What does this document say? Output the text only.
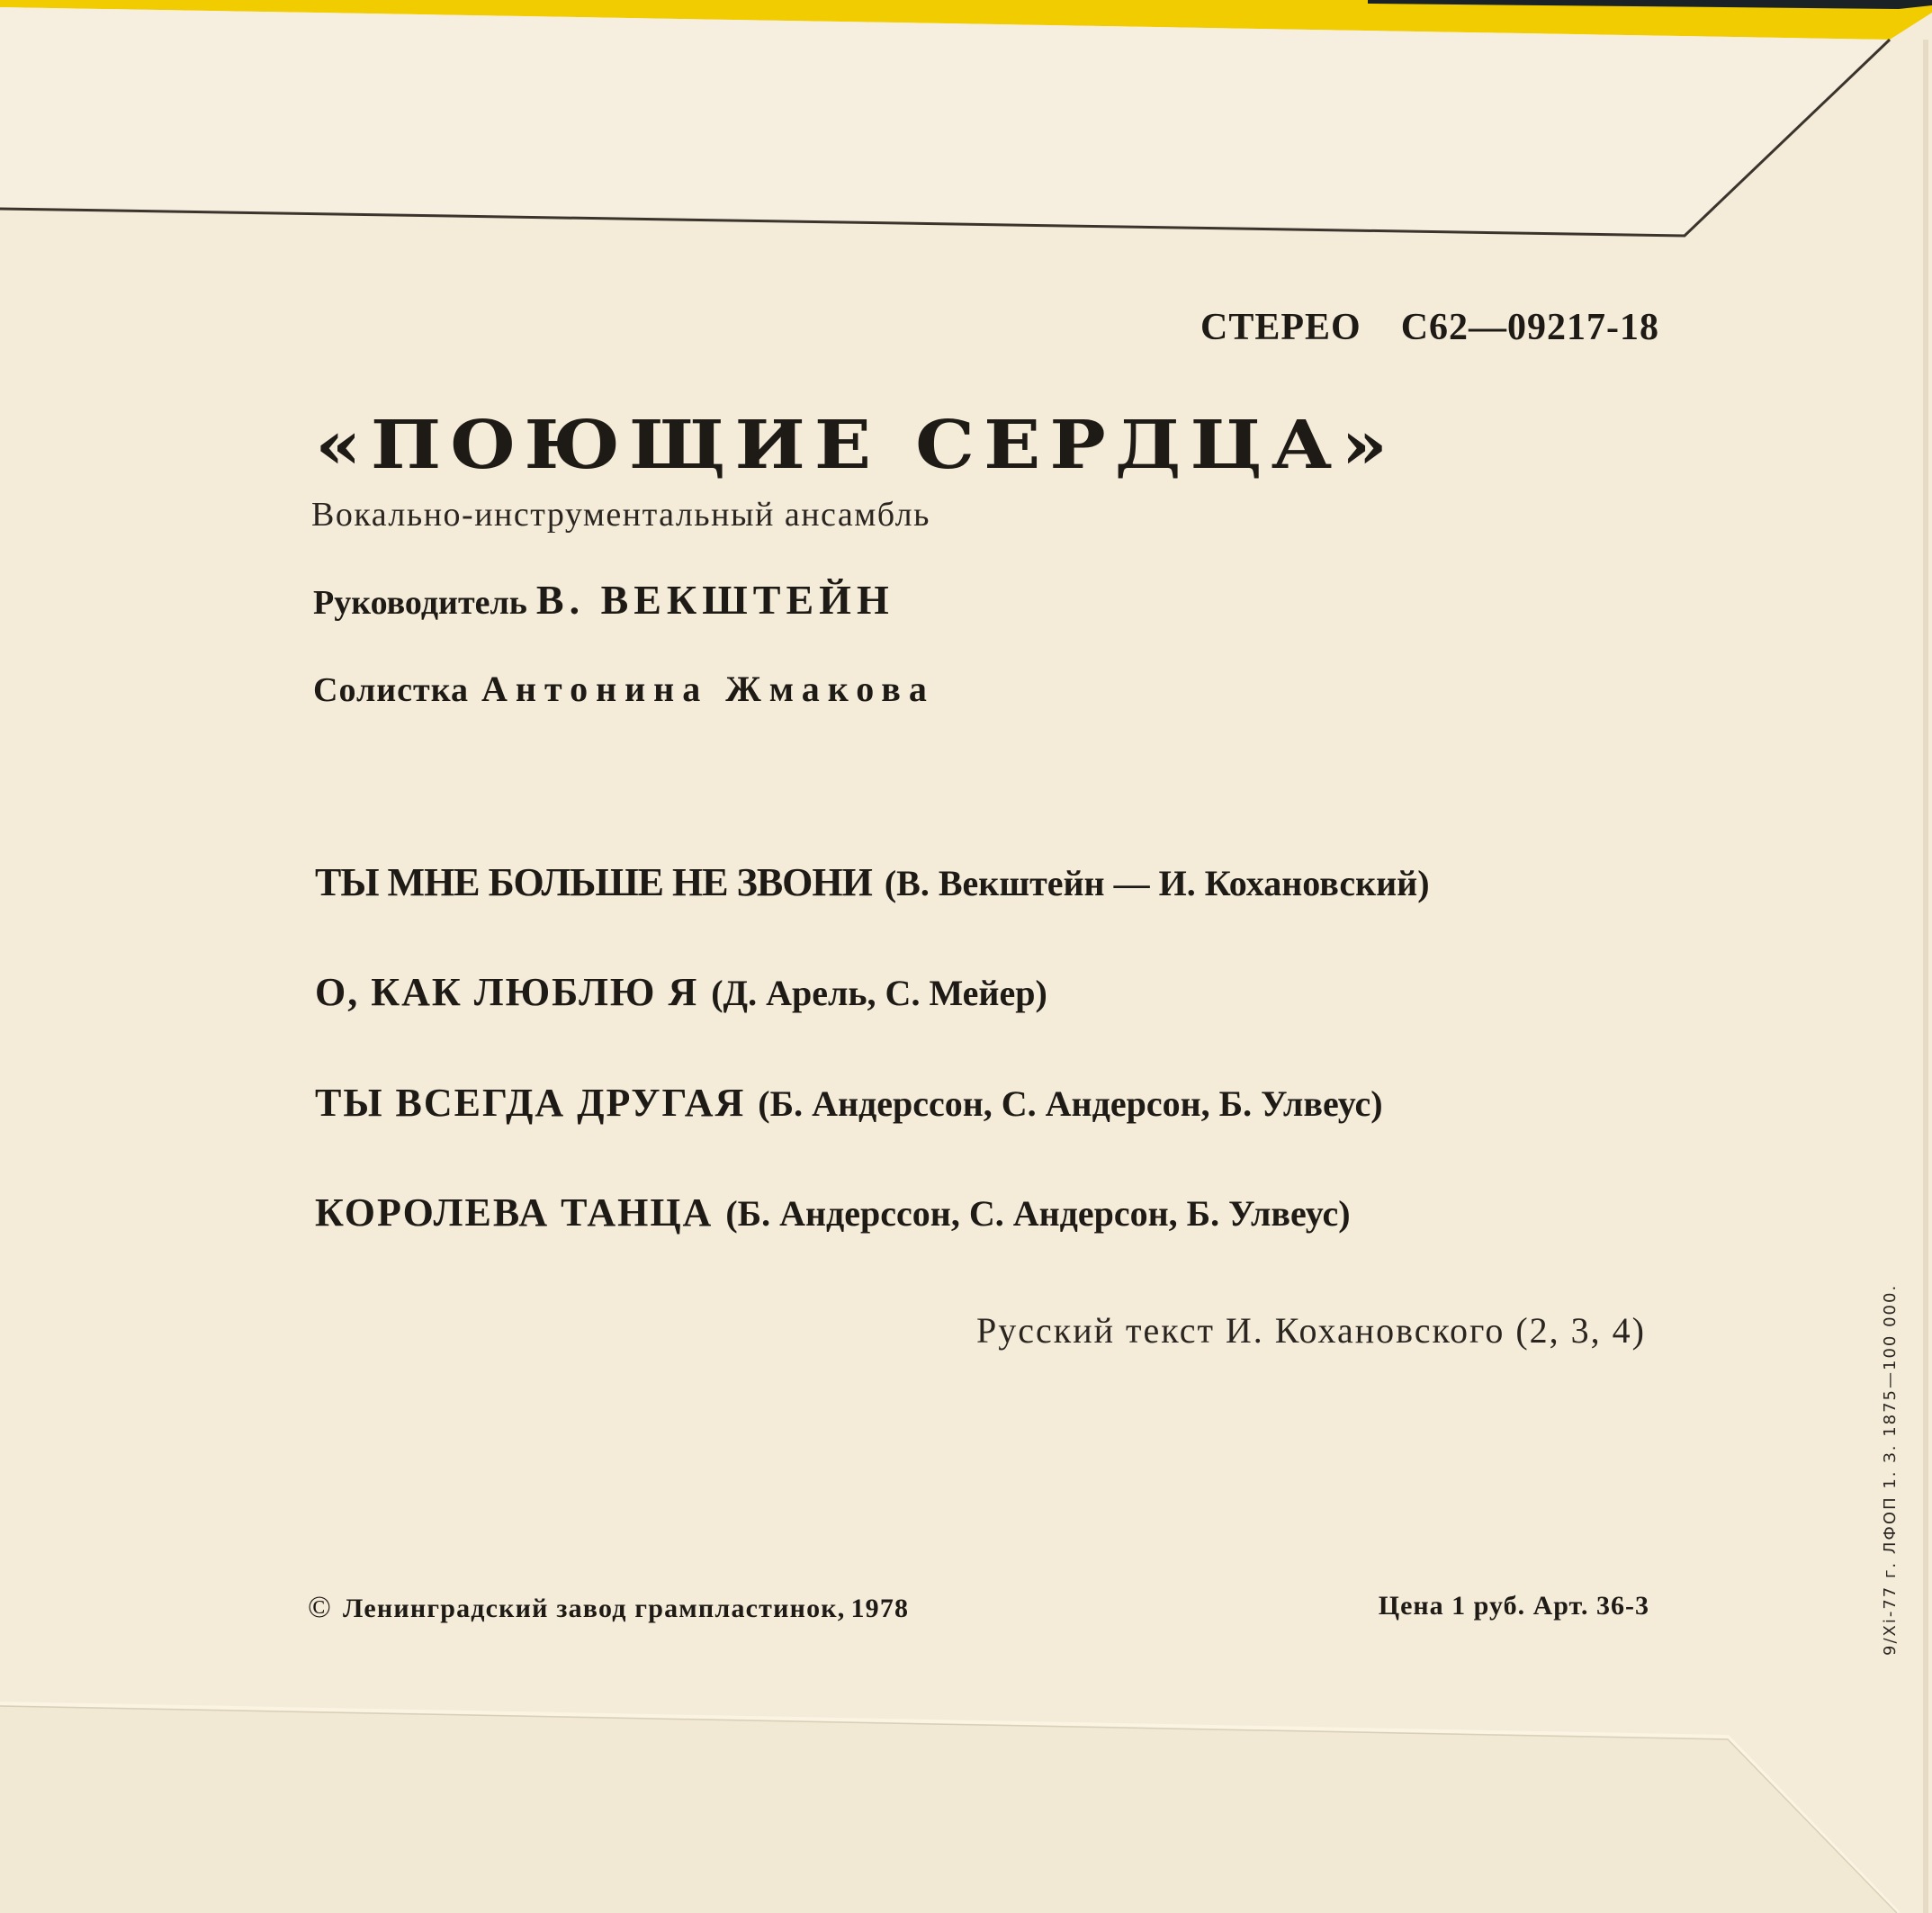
СТЕРЕО С62—09217-18
«ПОЮЩИЕ СЕРДЦА»
Вокально-инструментальный ансамбль
Руководитель В. ВЕКШТЕЙН
Солистка Антонина Жмакова
ТЫ МНЕ БОЛЬШЕ НЕ ЗВОНИ (В. Векштейн — И. Кохановский)
О, КАК ЛЮБЛЮ Я (Д. Арель, С. Мейер)
ТЫ ВСЕГДА ДРУГАЯ (Б. Андерссон, С. Андерсон, Б. Улвеус)
КОРОЛЕВА ТАНЦА (Б. Андерссон, С. Андерсон, Б. Улвеус)
Русский текст И. Кохановского (2, 3, 4)
© Ленинградский завод грампластинок, 1978	Цена 1 руб. Арт. 36-3	9/Xi-77 г. ЛФОП 1. З. 1875—100 000.
